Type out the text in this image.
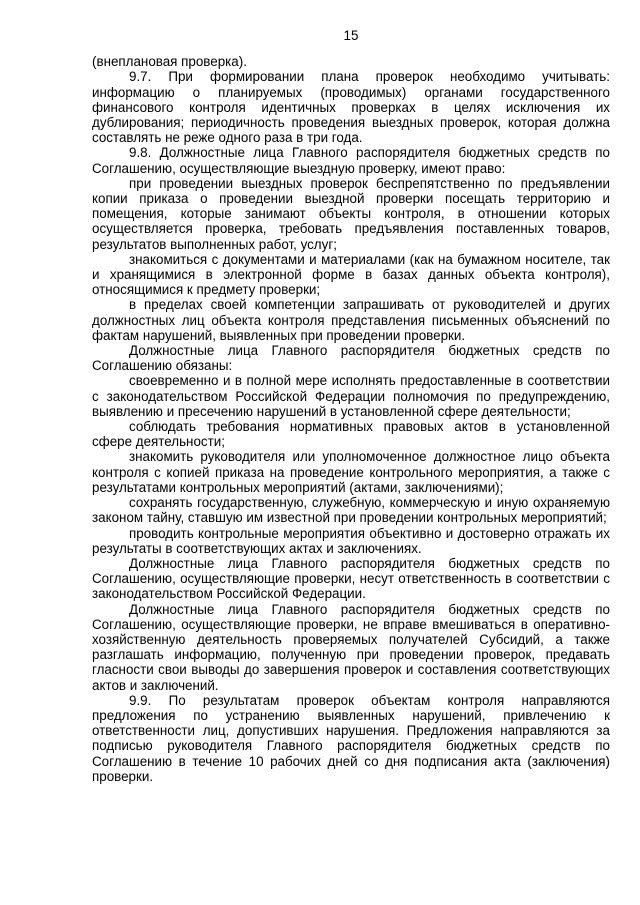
15

(внеплановая проверка).

9.7. При формировании плана проверок необходимо учитывать: информацию о планируемых (проводимых) органами государственного финансового контроля идентичных проверках в целях исключения их дублирования; периодичность проведения выездных проверок, которая должна составлять не реже одного раза в три года.

9.8. Должностные лица Главного распорядителя бюджетных средств по Соглашению, осуществляющие выездную проверку, имеют право:

при проведении выездных проверок беспрепятственно по предъявлении копии приказа о проведении выездной проверки посещать территорию и помещения, которые занимают объекты контроля, в отношении которых осуществляется проверка, требовать предъявления поставленных товаров, результатов выполненных работ, услуг;

знакомиться с документами и материалами (как на бумажном носителе, так и хранящимися в электронной форме в базах данных объекта контроля), относящимися к предмету проверки;

в пределах своей компетенции запрашивать от руководителей и других должностных лиц объекта контроля представления письменных объяснений по фактам нарушений, выявленных при проведении проверки.

Должностные лица Главного распорядителя бюджетных средств по Соглашению обязаны:

своевременно и в полной мере исполнять предоставленные в соответствии с законодательством Российской Федерации полномочия по предупреждению, выявлению и пресечению нарушений в установленной сфере деятельности;

соблюдать требования нормативных правовых актов в установленной сфере деятельности;

знакомить руководителя или уполномоченное должностное лицо объекта контроля с копией приказа на проведение контрольного мероприятия, а также с результатами контрольных мероприятий (актами, заключениями);

сохранять государственную, служебную, коммерческую и иную охраняемую законом тайну, ставшую им известной при проведении контрольных мероприятий;

проводить контрольные мероприятия объективно и достоверно отражать их результаты в соответствующих актах и заключениях.

Должностные лица Главного распорядителя бюджетных средств по Соглашению, осуществляющие проверки, несут ответственность в соответствии с законодательством Российской Федерации.

Должностные лица Главного распорядителя бюджетных средств по Соглашению, осуществляющие проверки, не вправе вмешиваться в оперативно-хозяйственную деятельность проверяемых получателей Субсидий, а также разглашать информацию, полученную при проведении проверок, предавать гласности свои выводы до завершения проверок и составления соответствующих актов и заключений.

9.9. По результатам проверок объектам контроля направляются предложения по устранению выявленных нарушений, привлечению к ответственности лиц, допустивших нарушения. Предложения направляются за подписью руководителя Главного распорядителя бюджетных средств по Соглашению в течение 10 рабочих дней со дня подписания акта (заключения) проверки.
